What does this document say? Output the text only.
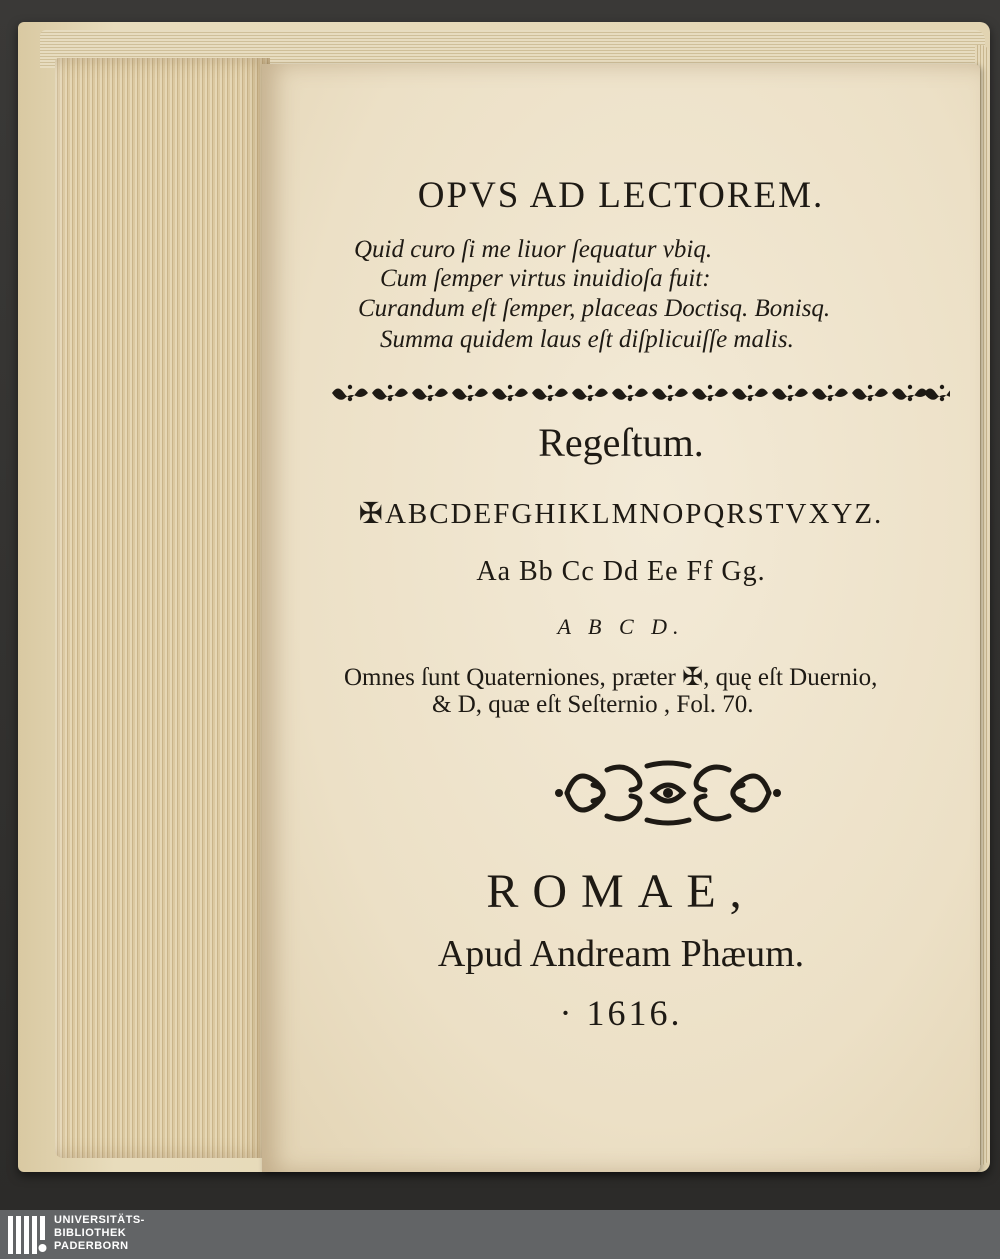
OPVS AD LECTOREM.
Quid curo ſi me liuor ſequatur vbiq.
Cum ſemper virtus inuidioſa fuit:
Curandum eſt ſemper, placeas Doctisq. Bonisq.
Summa quidem laus eſt diſplicuiſſe malis.
Regeſtum.
✠ABCDEFGHIKLMNOPQRSTVXYZ.
Aa Bb Cc Dd Ee Ff Gg.
A B C D.
Omnes ſunt Quaterniones, præter ✠, quę eſt Duernio,
& D, quæ eſt Seſternio , Fol. 70.
ROMAE,
Apud Andream Phæum.
· 1616.
UNIVERSITÄTS-
BIBLIOTHEK
PADERBORN
